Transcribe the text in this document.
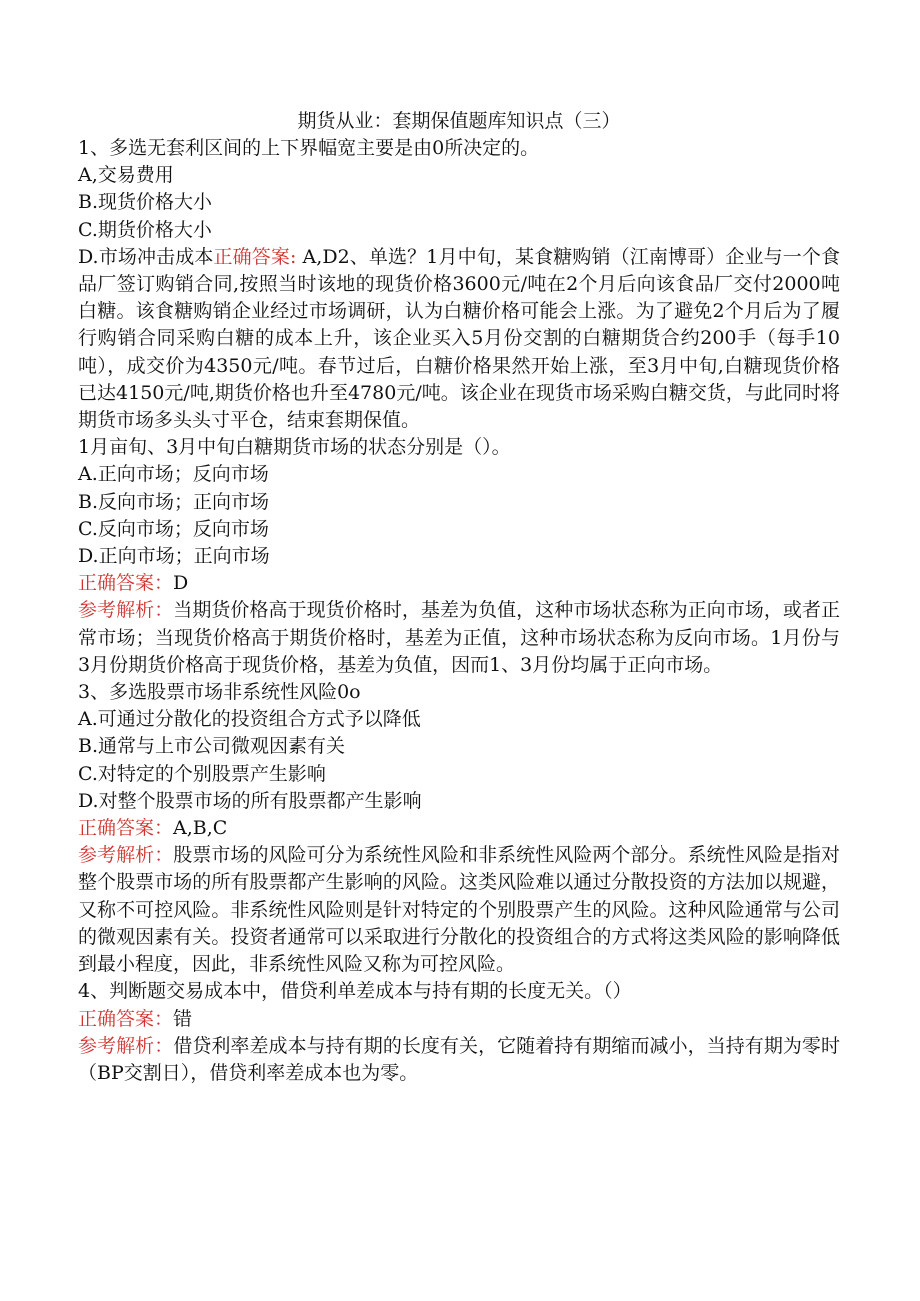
期货从业：套期保值题库知识点（三）

1、多选无套利区间的上下界幅宽主要是由0所决定的。

A,交易费用

B.现货价格大小

C.期货价格大小

D.市场冲击成本正确答案: A,D2、单选？1月中旬，某食糖购销（江南博哥）企业与一个食品厂签订购销合同,按照当时该地的现货价格3600元/吨在2个月后向该食品厂交付2000吨白糖。该食糖购销企业经过市场调研，认为白糖价格可能会上涨。为了避免2个月后为了履行购销合同采购白糖的成本上升，该企业买入5月份交割的白糖期货合约200手（每手10吨），成交价为4350元/吨。春节过后，白糖价格果然开始上涨，至3月中旬,白糖现货价格已达4150元/吨,期货价格也升至4780元/吨。该企业在现货市场采购白糖交货，与此同时将期货市场多头头寸平仓，结束套期保值。

1月亩旬、3月中旬白糖期货市场的状态分别是（）。

A.正向市场；反向市场

B.反向市场；正向市场

C.反向市场；反向市场

D.正向市场；正向市场

正确答案：D

参考解析：当期货价格高于现货价格时，基差为负值，这种市场状态称为正向市场，或者正常市场；当现货价格高于期货价格时，基差为正值，这种市场状态称为反向市场。1月份与3月份期货价格高于现货价格，基差为负值，因而1、3月份均属于正向市场。

3、多选股票市场非系统性风险0o

A.可通过分散化的投资组合方式予以降低

B.通常与上市公司微观因素有关

C.对特定的个别股票产生影响

D.对整个股票市场的所有股票都产生影响

正确答案：A,B,C

参考解析：股票市场的风险可分为系统性风险和非系统性风险两个部分。系统性风险是指对整个股票市场的所有股票都产生影响的风险。这类风险难以通过分散投资的方法加以规避，又称不可控风险。非系统性风险则是针对特定的个别股票产生的风险。这种风险通常与公司的微观因素有关。投资者通常可以采取进行分散化的投资组合的方式将这类风险的影响降低到最小程度，因此，非系统性风险又称为可控风险。

4、判断题交易成本中，借贷利单差成本与持有期的长度无关。（）

正确答案：错

参考解析：借贷利率差成本与持有期的长度有关，它随着持有期缩而减小，当持有期为零时（BP交割日），借贷利率差成本也为零。
